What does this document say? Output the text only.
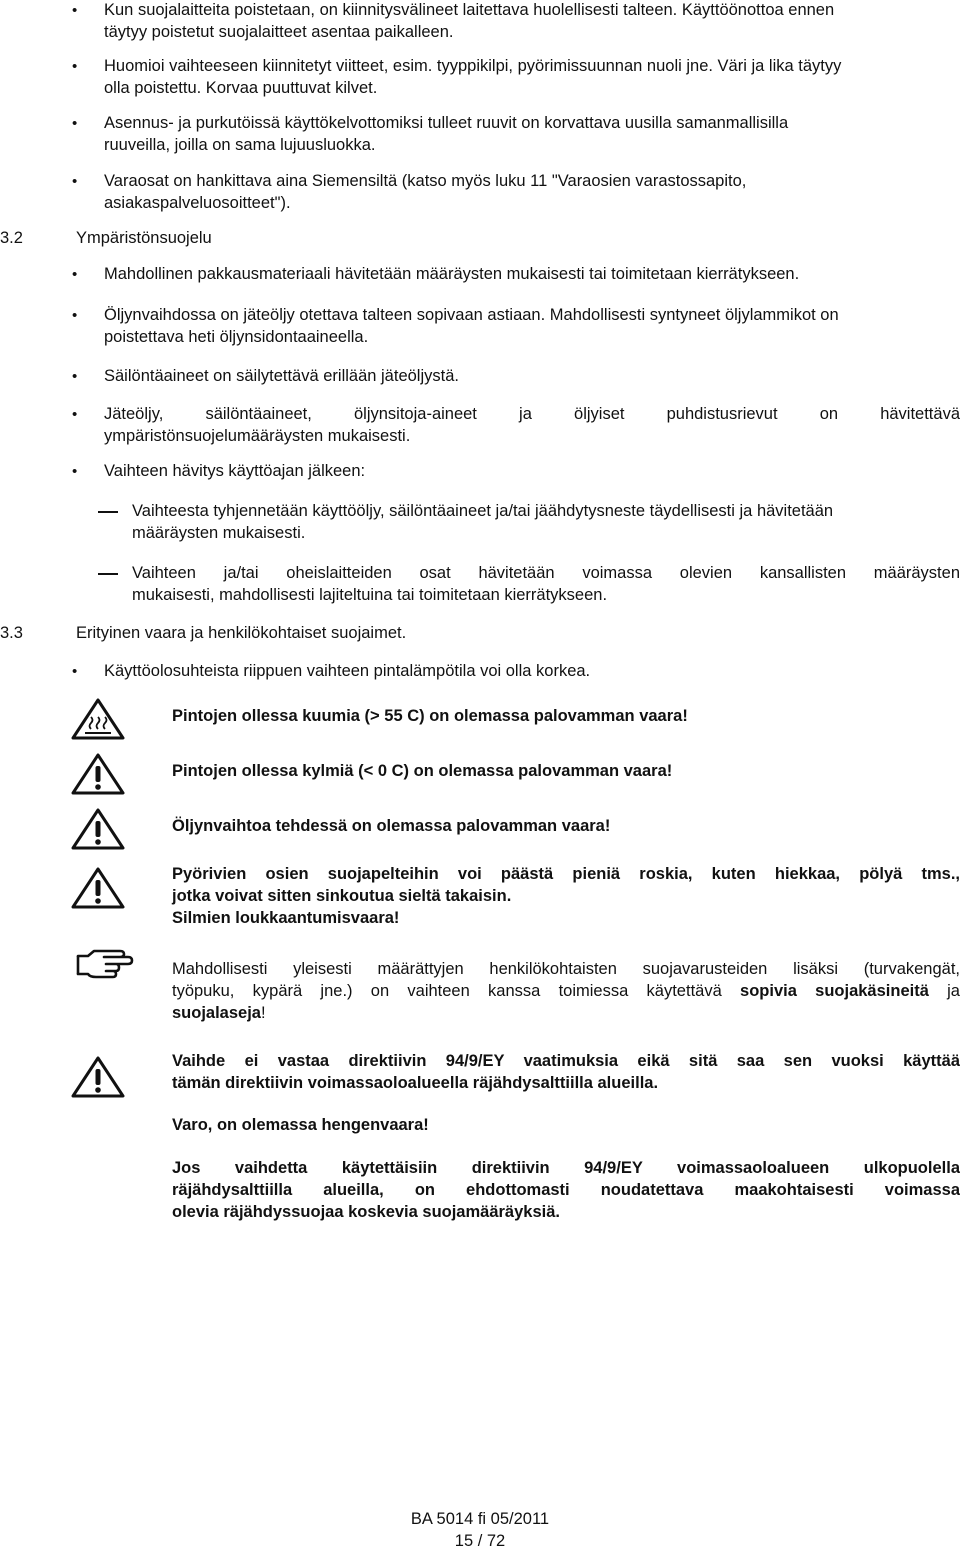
• Kun suojalaitteita poistetaan, on kiinnitysvälineet laitettava huolellisesti talteen. Käyttöönottoa ennen
täytyy poistetut suojalaitteet asentaa paikalleen.
• Huomioi vaihteeseen kiinnitetyt viitteet, esim. tyyppikilpi, pyörimissuunnan nuoli jne. Väri ja lika täytyy
olla poistettu. Korvaa puuttuvat kilvet.
• Asennus- ja purkutöissä käyttökelvottomiksi tulleet ruuvit on korvattava uusilla samanmallisilla
ruuveilla, joilla on sama lujuusluokka.
• Varaosat on hankittava aina Siemensiltä (katso myös luku 11 "Varaosien varastossapito,
asiakaspalveluosoitteet").
3.2	Ympäristönsuojelu
• Mahdollinen pakkausmateriaali hävitetään määräysten mukaisesti tai toimitetaan kierrätykseen.
• Öljynvaihdossa on jäteöljy otettava talteen sopivaan astiaan. Mahdollisesti syntyneet öljylammikot on
poistettava heti öljynsidontaaineella.
• Säilöntäaineet on säilytettävä erillään jäteöljystä.
• Jäteöljy, säilöntäaineet, öljynsitoja-aineet ja öljyiset puhdistusrievut on hävitettävä
ympäristönsuojelumääräysten mukaisesti.
• Vaihteen hävitys käyttöajan jälkeen:
Vaihteesta tyhjennetään käyttööljy, säilöntäaineet ja/tai jäähdytysneste täydellisesti ja hävitetään
määräysten mukaisesti.
Vaihteen ja/tai oheislaitteiden osat hävitetään voimassa olevien kansallisten määräysten
mukaisesti, mahdollisesti lajiteltuina tai toimitetaan kierrätykseen.
3.3	Erityinen vaara ja henkilökohtaiset suojaimet.
• Käyttöolosuhteista riippuen vaihteen pintalämpötila voi olla korkea.
Pintojen ollessa kuumia (> 55 C) on olemassa palovamman vaara!
Pintojen ollessa kylmiä (< 0 C) on olemassa palovamman vaara!
Öljynvaihtoa tehdessä on olemassa palovamman vaara!
Pyörivien osien suojapelteihin voi päästä pieniä roskia, kuten hiekkaa, pölyä tms.,
jotka voivat sitten sinkoutua sieltä takaisin.
Silmien loukkaantumisvaara!
Mahdollisesti yleisesti määrättyjen henkilökohtaisten suojavarusteiden lisäksi (turvakengät,
työpuku, kypärä jne.) on vaihteen kanssa toimiessa käytettävä sopivia suojakäsineitä ja
suojalaseja!
Vaihde ei vastaa direktiivin 94/9/EY vaatimuksia eikä sitä saa sen vuoksi käyttää
tämän direktiivin voimassaoloalueella räjähdysalttiilla alueilla.
Varo, on olemassa hengenvaara!
Jos vaihdetta käytettäisiin direktiivin 94/9/EY voimassaoloalueen ulkopuolella
räjähdysalttiilla alueilla, on ehdottomasti noudatettava maakohtaisesti voimassa
olevia räjähdyssuojaa koskevia suojamääräyksiä.
BA 5014 fi 05/2011
15 / 72
